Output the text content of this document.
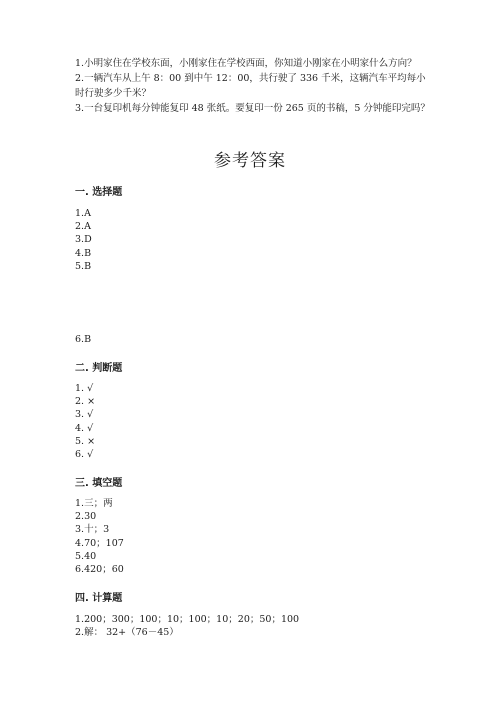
1.小明家住在学校东面，小刚家住在学校西面，你知道小刚家在小明家什么方向？

2.一辆汽车从上午 8：00 到中午 12：00，共行驶了 336 千米，这辆汽车平均每小时行驶多少千米？

3.一台复印机每分钟能复印 48 张纸。要复印一份 265 页的书稿，5 分钟能印完吗？

参考答案
一. 选择题
1.A
2.A
3.D
4.B
5.B
6.B
二. 判断题
1. √
2. ×
3. √
4. √
5. ×
6. √
三. 填空题
1.三；两
2.30
3.十；3
4.70；107
5.40
6.420；60
四. 计算题
1.200；300；100；10；100；10；20；50；100
2.解： 32+（76－45）
